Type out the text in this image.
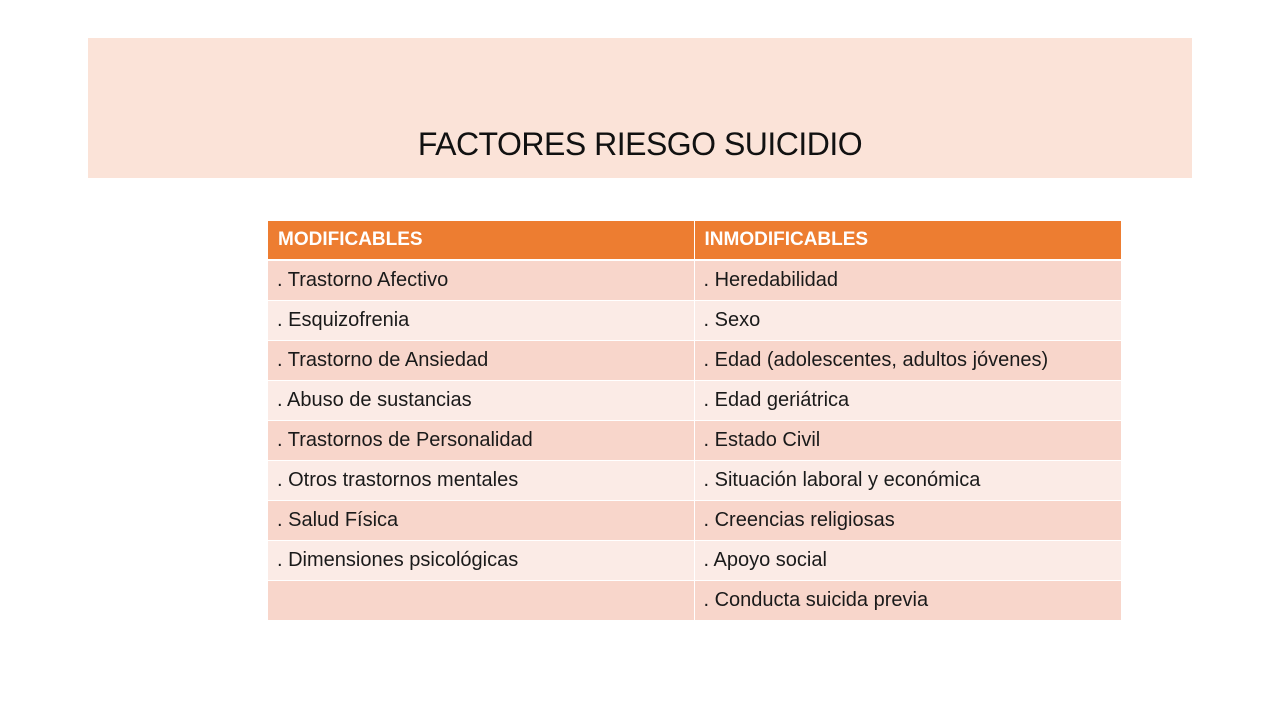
FACTORES RIESGO SUICIDIO
MODIFICABLES	INMODIFICABLES
. Trastorno Afectivo	. Heredabilidad
. Esquizofrenia	. Sexo
. Trastorno de Ansiedad	. Edad (adolescentes, adultos jóvenes)
. Abuso de sustancias	. Edad geriátrica
. Trastornos de Personalidad	. Estado Civil
. Otros trastornos mentales	. Situación laboral y económica
. Salud Física	. Creencias religiosas
. Dimensiones psicológicas	. Apoyo social
	. Conducta suicida previa
